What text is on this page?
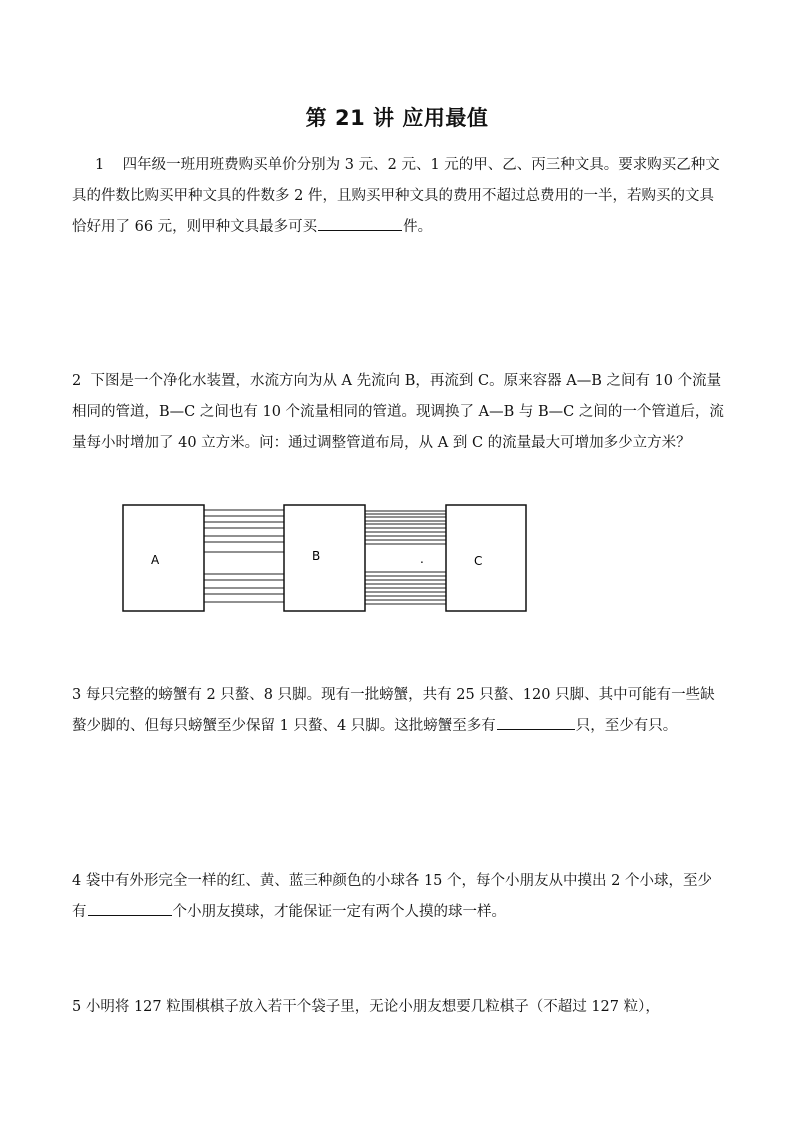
第 21 讲 应用最值
1 四年级一班用班费购买单价分别为 3 元、2 元、1 元的甲、乙、丙三种文具。要求购买乙种文具的件数比购买甲种文具的件数多 2 件，且购买甲种文具的费用不超过总费用的一半，若购买的文具恰好用了 66 元，则甲种文具最多可买	件。
2 下图是一个净化水装置，水流方向为从 A 先流向 B，再流到 C。原来容器 A—B 之间有 10 个流量相同的管道，B—C 之间也有 10 个流量相同的管道。现调换了 A—B 与 B—C 之间的一个管道后，流量每小时增加了 40 立方米。问：通过调整管道布局，从 A 到 C 的流量最大可增加多少立方米？
A	B	C
.
3 每只完整的螃蟹有 2 只螯、8 只脚。现有一批螃蟹，共有 25 只螯、120 只脚、其中可能有一些缺螯少脚的、但每只螃蟹至少保留 1 只螯、4 只脚。这批螃蟹至多有	只，至少有只。
4 袋中有外形完全一样的红、黄、蓝三种颜色的小球各 15 个，每个小朋友从中摸出 2 个小球，至少有	个小朋友摸球，才能保证一定有两个人摸的球一样。
5 小明将 127 粒围棋棋子放入若干个袋子里，无论小朋友想要几粒棋子（不超过 127 粒），
